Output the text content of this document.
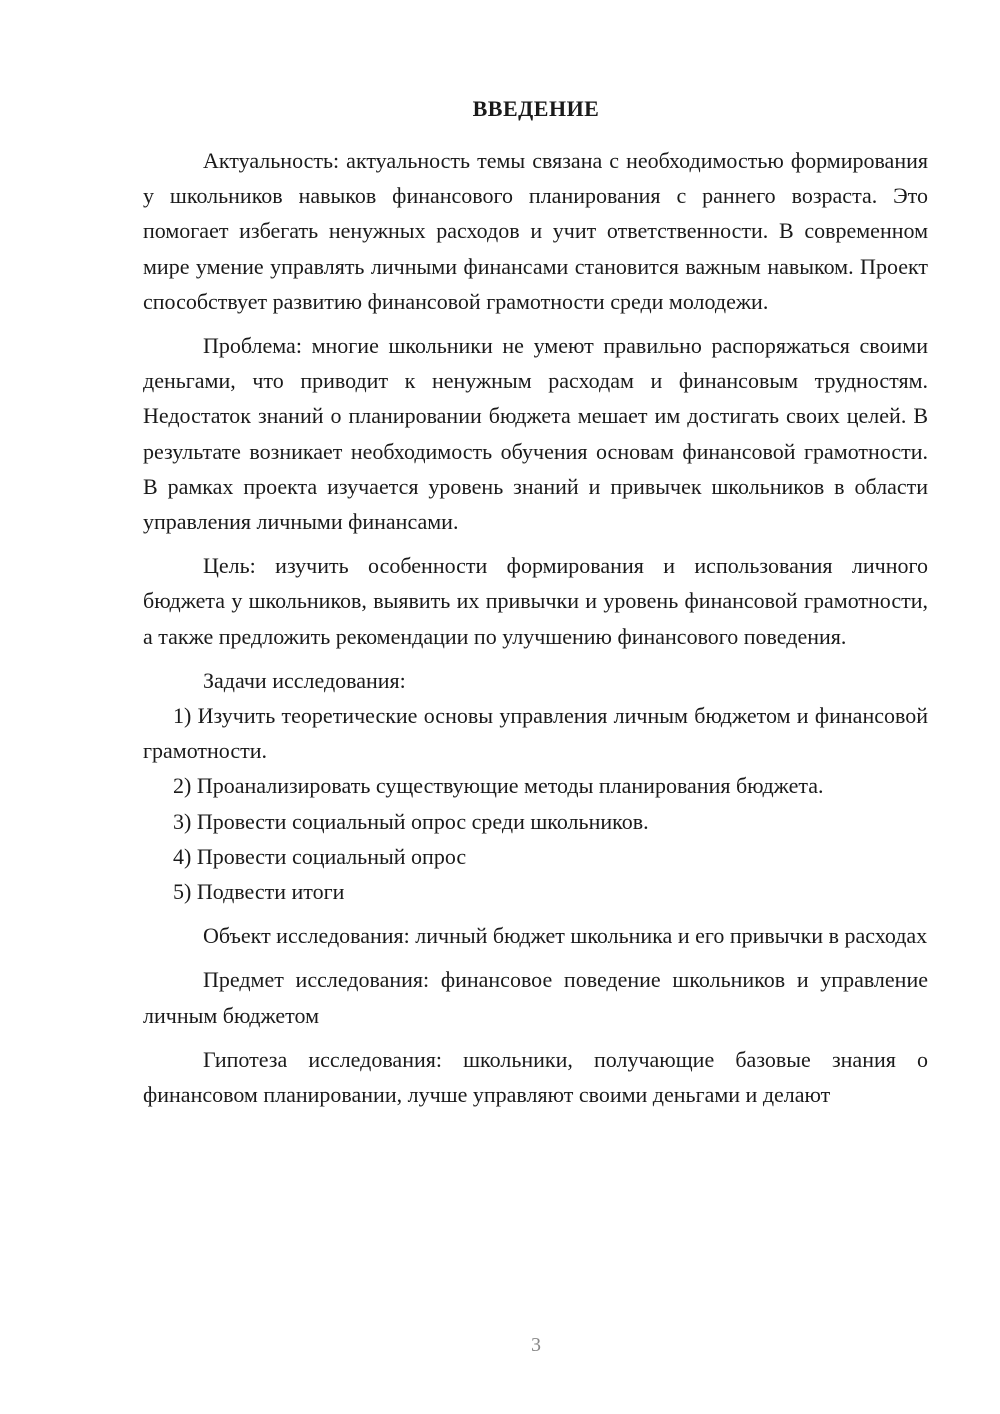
ВВЕДЕНИЕ

Актуальность: актуальность темы связана с необходимостью формирования у школьников навыков финансового планирования с раннего возраста. Это помогает избегать ненужных расходов и учит ответственности. В современном мире умение управлять личными финансами становится важным навыком. Проект способствует развитию финансовой грамотности среди молодежи.

Проблема: многие школьники не умеют правильно распоряжаться своими деньгами, что приводит к ненужным расходам и финансовым трудностям. Недостаток знаний о планировании бюджета мешает им достигать своих целей. В результате возникает необходимость обучения основам финансовой грамотности. В рамках проекта изучается уровень знаний и привычек школьников в области управления личными финансами.

Цель: изучить особенности формирования и использования личного бюджета у школьников, выявить их привычки и уровень финансовой грамотности, а также предложить рекомендации по улучшению финансового поведения.

Задачи исследования:

1) Изучить теоретические основы управления личным бюджетом и финансовой грамотности.

2) Проанализировать существующие методы планирования бюджета.

3) Провести социальный опрос среди школьников.

4) Провести социальный опрос

5) Подвести итоги

Объект исследования: личный бюджет школьника и его привычки в расходах

Предмет исследования: финансовое поведение школьников и управление личным бюджетом

Гипотеза исследования: школьники, получающие базовые знания о финансовом планировании, лучше управляют своими деньгами и делают

3
